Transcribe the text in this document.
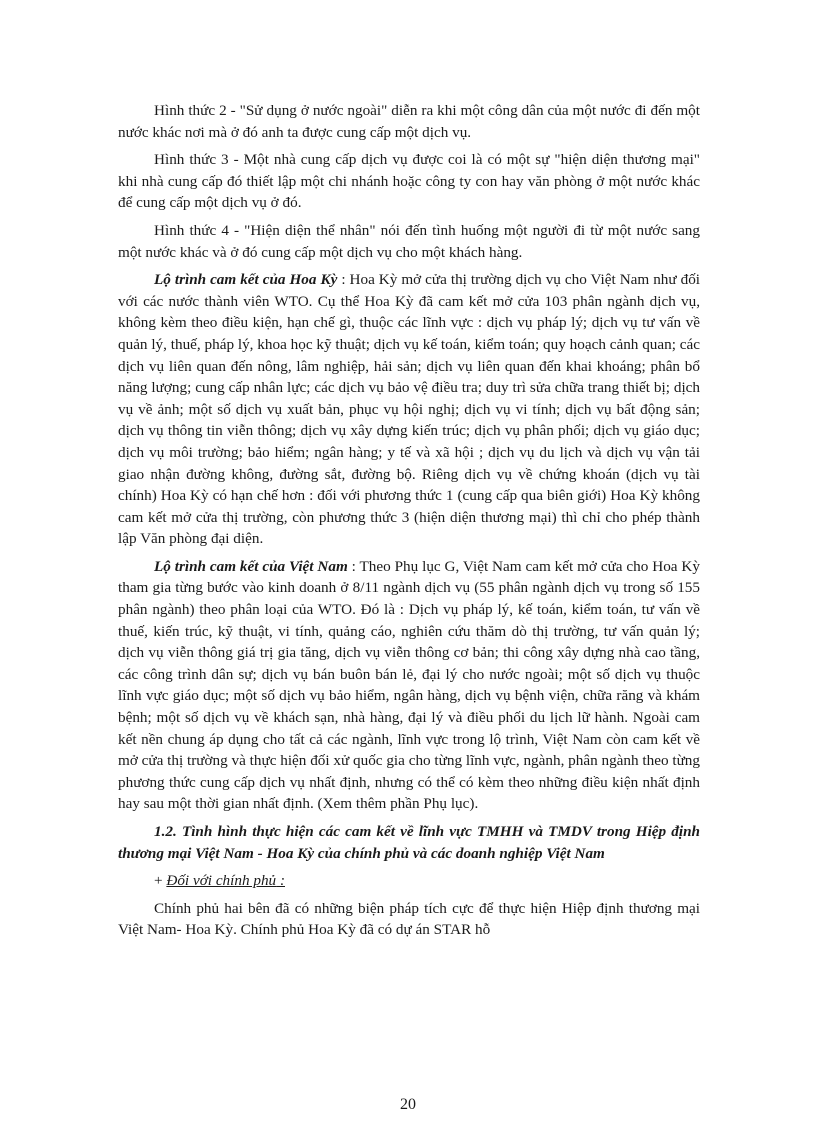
Hình thức 2 - "Sử dụng ở nước ngoài" diễn ra khi một công dân của một nước đi đến một nước khác nơi mà ở đó anh ta được cung cấp một dịch vụ.

Hình thức 3 - Một nhà cung cấp dịch vụ được coi là có một sự "hiện diện thương mại" khi nhà cung cấp đó thiết lập một chi nhánh hoặc công ty con hay văn phòng ở một nước khác để cung cấp một dịch vụ ở đó.

Hình thức 4 - "Hiện diện thể nhân" nói đến tình huống một người đi từ một nước sang một nước khác và ở đó cung cấp một dịch vụ cho một khách hàng.

Lộ trình cam kết của Hoa Kỳ : Hoa Kỳ mở cửa thị trường dịch vụ cho Việt Nam như đối với các nước thành viên WTO. Cụ thể Hoa Kỳ đã cam kết mở cửa 103 phân ngành dịch vụ, không kèm theo điều kiện, hạn chế gì, thuộc các lĩnh vực : dịch vụ pháp lý; dịch vụ tư vấn về quản lý, thuế, pháp lý, khoa học kỹ thuật; dịch vụ kế toán, kiểm toán; quy hoạch cảnh quan; các dịch vụ liên quan đến nông, lâm nghiệp, hải sản; dịch vụ liên quan đến khai khoáng; phân bổ năng lượng; cung cấp nhân lực; các dịch vụ bảo vệ điều tra; duy trì sửa chữa trang thiết bị; dịch vụ về ảnh; một số dịch vụ xuất bản, phục vụ hội nghị; dịch vụ vi tính; dịch vụ bất động sản; dịch vụ thông tin viễn thông; dịch vụ xây dựng kiến trúc; dịch vụ phân phối; dịch vụ giáo dục; dịch vụ môi trường; bảo hiểm; ngân hàng; y tế và xã hội ; dịch vụ du lịch và dịch vụ vận tải giao nhận đường không, đường sắt, đường bộ. Riêng dịch vụ về chứng khoán (dịch vụ tài chính) Hoa Kỳ có hạn chế hơn : đối với phương thức 1 (cung cấp qua biên giới) Hoa Kỳ không cam kết mở cửa thị trường, còn phương thức 3 (hiện diện thương mại) thì chỉ cho phép thành lập Văn phòng đại diện.

Lộ trình cam kết của Việt Nam : Theo Phụ lục G, Việt Nam cam kết mở cửa cho Hoa Kỳ tham gia từng bước vào kinh doanh ở 8/11 ngành dịch vụ (55 phân ngành dịch vụ trong số 155 phân ngành) theo phân loại của WTO. Đó là : Dịch vụ pháp lý, kế toán, kiểm toán, tư vấn về thuế, kiến trúc, kỹ thuật, vi tính, quảng cáo, nghiên cứu thăm dò thị trường, tư vấn quản lý; dịch vụ viễn thông giá trị gia tăng, dịch vụ viễn thông cơ bản; thi công xây dựng nhà cao tầng, các công trình dân sự; dịch vụ bán buôn bán lẻ, đại lý cho nước ngoài; một số dịch vụ thuộc lĩnh vực giáo dục; một số dịch vụ bảo hiểm, ngân hàng, dịch vụ bệnh viện, chữa răng và khám bệnh; một số dịch vụ về khách sạn, nhà hàng, đại lý và điều phối du lịch lữ hành. Ngoài cam kết nền chung áp dụng cho tất cả các ngành, lĩnh vực trong lộ trình, Việt Nam còn cam kết về mở cửa thị trường và thực hiện đối xử quốc gia cho từng lĩnh vực, ngành, phân ngành theo từng phương thức cung cấp dịch vụ nhất định, nhưng có thể có kèm theo những điều kiện nhất định hay sau một thời gian nhất định. (Xem thêm phần Phụ lục).

1.2. Tình hình thực hiện các cam kết về lĩnh vực TMHH và TMDV trong Hiệp định thương mại Việt Nam - Hoa Kỳ của chính phủ và các doanh nghiệp Việt Nam

+ Đối với chính phủ :

Chính phủ hai bên đã có những biện pháp tích cực để thực hiện Hiệp định thương mại Việt Nam- Hoa Kỳ. Chính phủ Hoa Kỳ đã có dự án STAR hỗ

20
